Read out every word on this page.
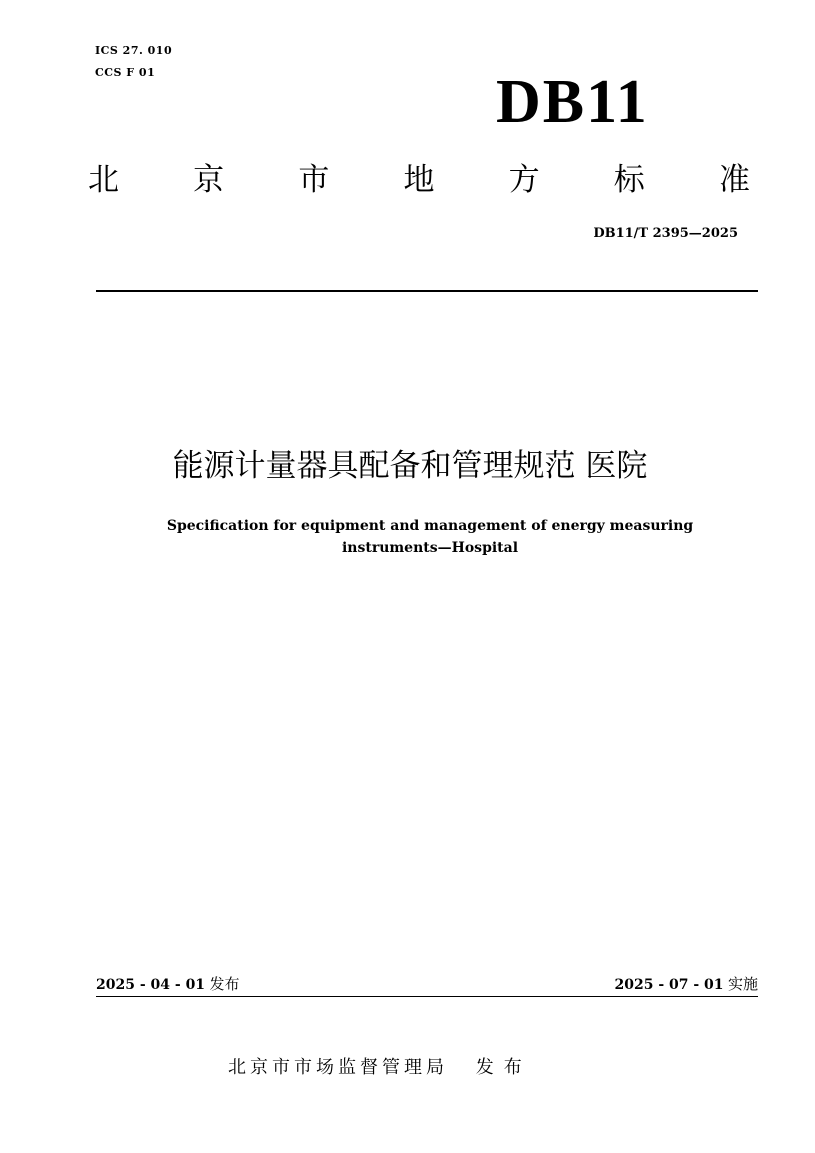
ICS 27. 010
CCS F 01	DB11
北 京 市 地 方 标 准
DB11/T 2395—2025
能源计量器具配备和管理规范 医院
Specification for equipment and management of energy measuring
instruments—Hospital
2025 - 04 - 01 发布	2025 - 07 - 01 实施
北京市市场监督管理局 发布
